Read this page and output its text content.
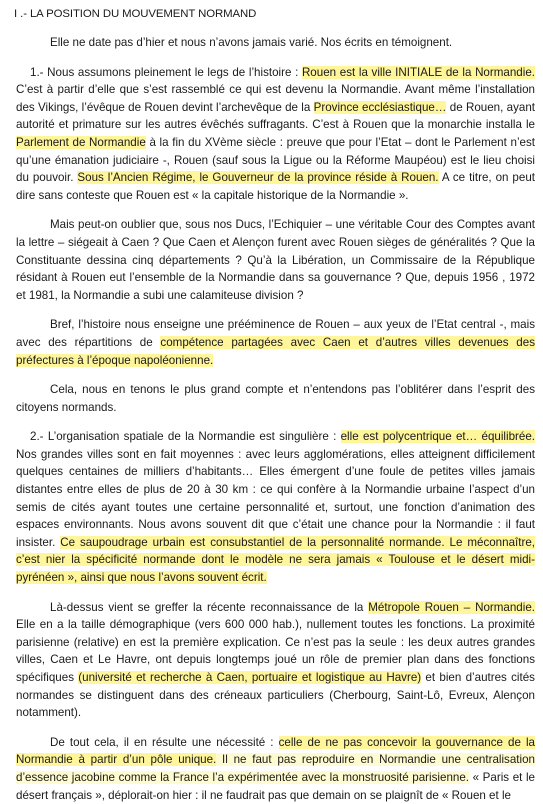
I .- LA POSITION DU MOUVEMENT NORMAND

Elle ne date pas d’hier et nous n’avons jamais varié. Nos écrits en témoignent.

1.- Nous assumons pleinement le legs de l’histoire : Rouen est la ville INITIALE de la Normandie. C’est à partir d’elle que s’est rassemblé ce qui est devenu la Normandie. Avant même l’installation des Vikings, l’évêque de Rouen devint l’archevêque de la Province ecclésiastique… de Rouen, ayant autorité et primature sur les autres évêchés suffragants. C’est à Rouen que la monarchie installa le Parlement de Normandie à la fin du XVème siècle : preuve que pour l’Etat – dont le Parlement n’est qu’une émanation judiciaire -, Rouen (sauf sous la Ligue ou la Réforme Maupéou) est le lieu choisi du pouvoir. Sous l’Ancien Régime, le Gouverneur de la province réside à Rouen. A ce titre, on peut dire sans conteste que Rouen est « la capitale historique de la Normandie ».

Mais peut-on oublier que, sous nos Ducs, l’Echiquier – une véritable Cour des Comptes avant la lettre – siégeait à Caen ? Que Caen et Alençon furent avec Rouen sièges de généralités ? Que la Constituante dessina cinq départements ? Qu’à la Libération, un Commissaire de la République résidant à Rouen eut l’ensemble de la Normandie dans sa gouvernance ? Que, depuis 1956 , 1972 et 1981, la Normandie a subi une calamiteuse division ?

Bref, l’histoire nous enseigne une prééminence de Rouen – aux yeux de l’Etat central -, mais avec des répartitions de compétence partagées avec Caen et d’autres villes devenues des préfectures à l’époque napoléonienne.

Cela, nous en tenons le plus grand compte et n’entendons pas l’oblitérer dans l’esprit des citoyens normands.

2.- L’organisation spatiale de la Normandie est singulière : elle est polycentrique et… équilibrée. Nos grandes villes sont en fait moyennes : avec leurs agglomérations, elles atteignent difficilement quelques centaines de milliers d’habitants… Elles émergent d’une foule de petites villes jamais distantes entre elles de plus de 20 à 30 km : ce qui confère à la Normandie urbaine l’aspect d’un semis de cités ayant toutes une certaine personnalité et, surtout, une fonction d’animation des espaces environnants. Nous avons souvent dit que c’était une chance pour la Normandie : il faut insister. Ce saupoudrage urbain est consubstantiel de la personnalité normande. Le méconnaître, c’est nier la spécificité normande dont le modèle ne sera jamais « Toulouse et le désert midi-pyrénéen », ainsi que nous l’avons souvent écrit.

Là-dessus vient se greffer la récente reconnaissance de la Métropole Rouen – Normandie. Elle en a la taille démographique (vers 600 000 hab.), nullement toutes les fonctions. La proximité parisienne (relative) en est la première explication. Ce n’est pas la seule : les deux autres grandes villes, Caen et Le Havre, ont depuis longtemps joué un rôle de premier plan dans des fonctions spécifiques (université et recherche à Caen, portuaire et logistique au Havre) et bien d’autres cités normandes se distinguent dans des créneaux particuliers (Cherbourg, Saint-Lô, Evreux, Alençon notamment).

De tout cela, il en résulte une nécessité : celle de ne pas concevoir la gouvernance de la Normandie à partir d’un pôle unique. Il ne faut pas reproduire en Normandie une centralisation d’essence jacobine comme la France l’a expérimentée avec la monstruosité parisienne. « Paris et le désert français », déplorait-on hier : il ne faudrait pas que demain on se plaignît de « Rouen et le
